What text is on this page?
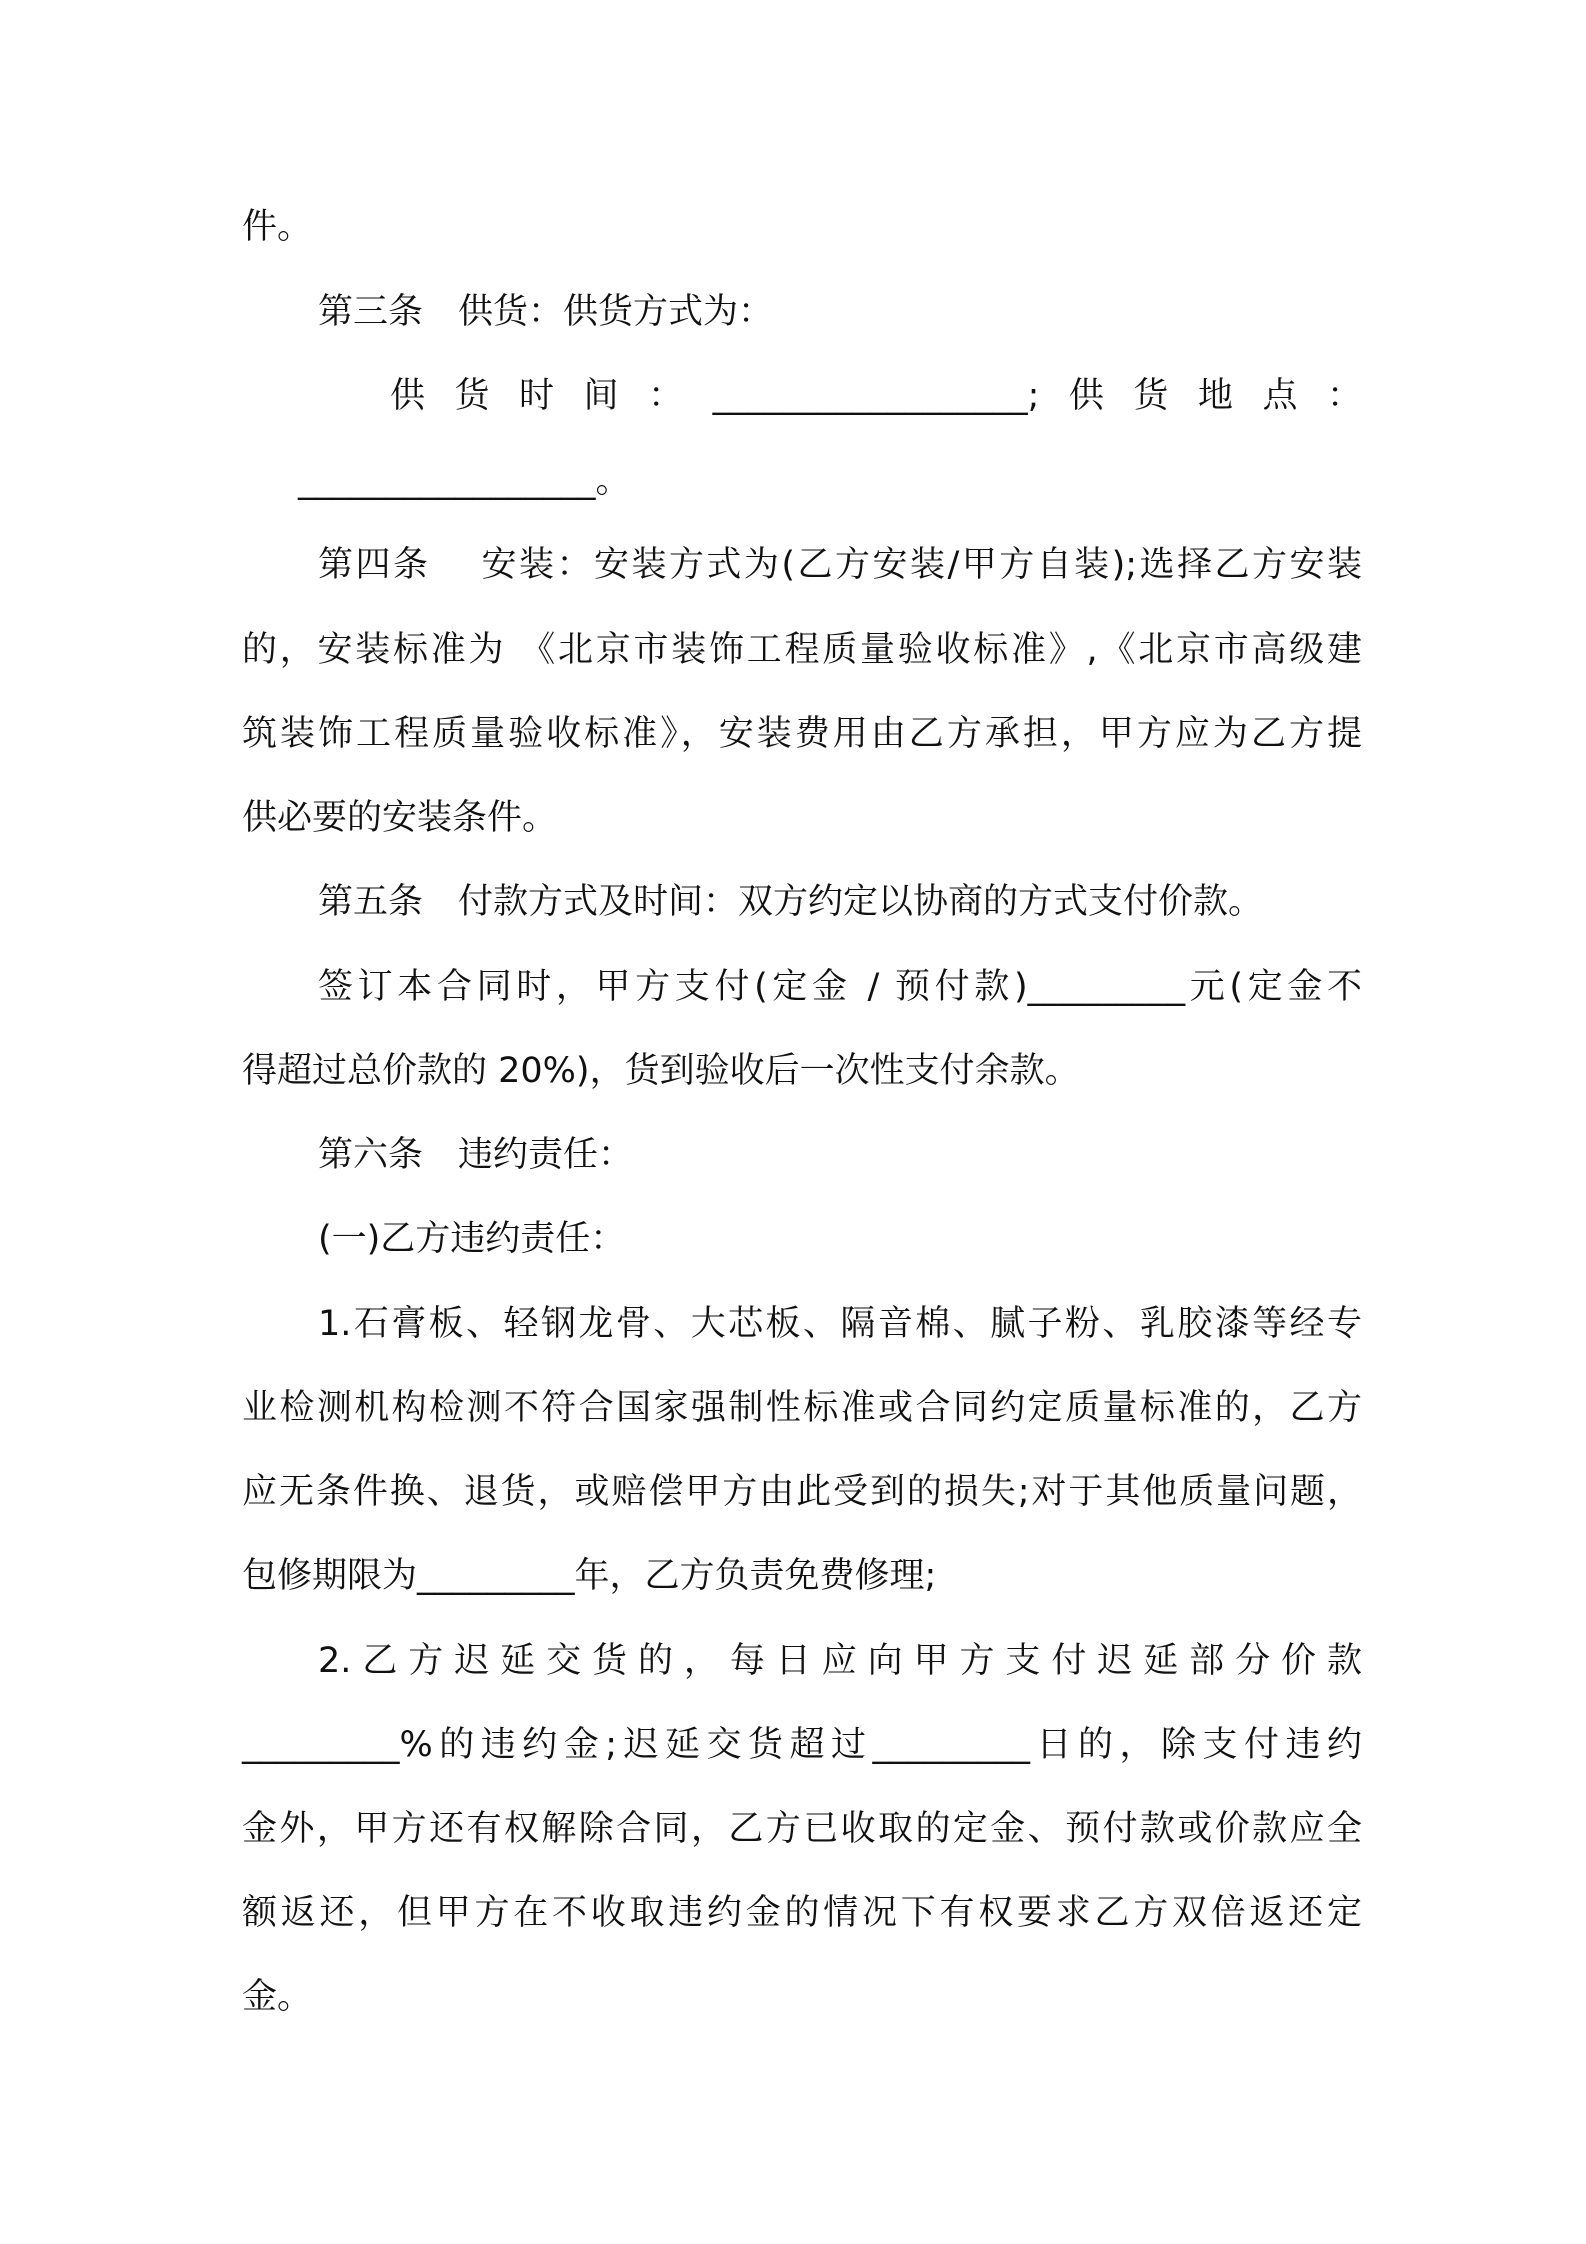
件。
第三条　供货：供货方式为：
供货时间：__________________;供货地点：
_________________。
第四条　 安装：安装方式为(乙方安装/甲方自装);选择乙方安装
的，安装标准为 《北京市装饰工程质量验收标准》,《北京市高级建
筑装饰工程质量验收标准》，安装费用由乙方承担，甲方应为乙方提
供必要的安装条件。
第五条　付款方式及时间：双方约定以协商的方式支付价款。
签订本合同时，甲方支付(定金 / 预付款)_________元(定金不
得超过总价款的 20%)，货到验收后一次性支付余款。
第六条　违约责任：
(一)乙方违约责任：
1.石膏板、轻钢龙骨、大芯板、隔音棉、腻子粉、乳胶漆等经专
业检测机构检测不符合国家强制性标准或合同约定质量标准的，乙方
应无条件换、退货，或赔偿甲方由此受到的损失;对于其他质量问题，
包修期限为_________年，乙方负责免费修理;
2.乙方迟延交货的，每日应向甲方支付迟延部分价款
_________%的违约金;迟延交货超过_________日的，除支付违约
金外，甲方还有权解除合同，乙方已收取的定金、预付款或价款应全
额返还，但甲方在不收取违约金的情况下有权要求乙方双倍返还定
金。
